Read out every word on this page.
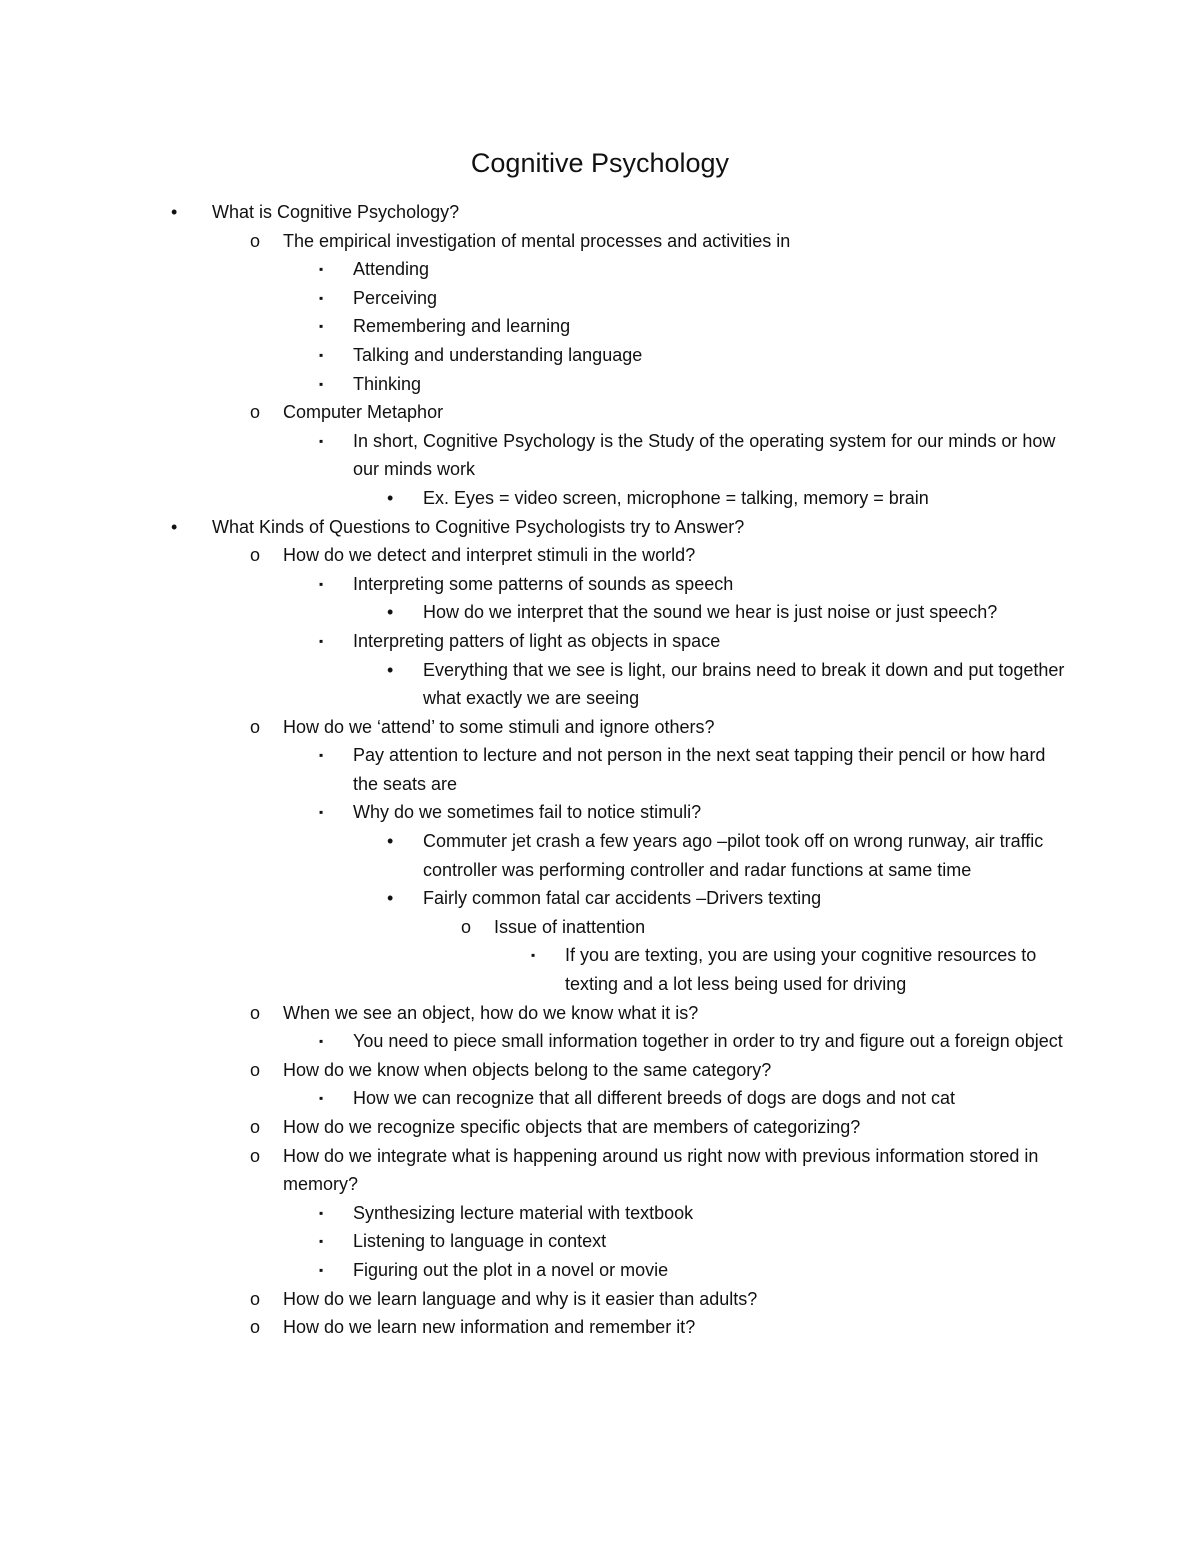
Cognitive Psychology
•	What is Cognitive Psychology?
o	The empirical investigation of mental processes and activities in
▪	Attending
▪	Perceiving
▪	Remembering and learning
▪	Talking and understanding language
▪	Thinking
o	Computer Metaphor
▪	In short, Cognitive Psychology is the Study of the operating system for our minds or how our minds work
•	Ex. Eyes = video screen, microphone = talking, memory = brain
•	What Kinds of Questions to Cognitive Psychologists try to Answer?
o	How do we detect and interpret stimuli in the world?
▪	Interpreting some patterns of sounds as speech
•	How do we interpret that the sound we hear is just noise or just speech?
▪	Interpreting patters of light as objects in space
•	Everything that we see is light, our brains need to break it down and put together what exactly we are seeing
o	How do we ‘attend’ to some stimuli and ignore others?
▪	Pay attention to lecture and not person in the next seat tapping their pencil or how hard the seats are
▪	Why do we sometimes fail to notice stimuli?
•	Commuter jet crash a few years ago –pilot took off on wrong runway, air traffic controller was performing controller and radar functions at same time
•	Fairly common fatal car accidents –Drivers texting
o	Issue of inattention
▪	If you are texting, you are using your cognitive resources to texting and a lot less being used for driving
o	When we see an object, how do we know what it is?
▪	You need to piece small information together in order to try and figure out a foreign object
o	How do we know when objects belong to the same category?
▪	How we can recognize that all different breeds of dogs are dogs and not cat
o	How do we recognize specific objects that are members of categorizing?
o	How do we integrate what is happening around us right now with previous information stored in memory?
▪	Synthesizing lecture material with textbook
▪	Listening to language in context
▪	Figuring out the plot in a novel or movie
o	How do we learn language and why is it easier than adults?
o	How do we learn new information and remember it?
